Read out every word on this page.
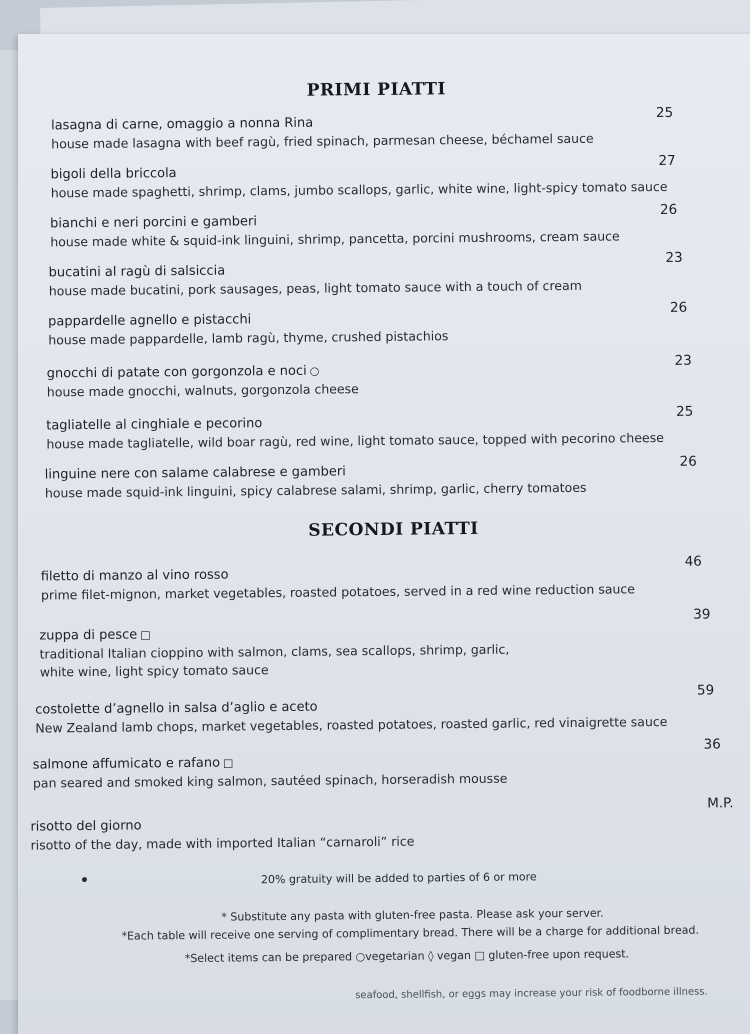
PRIMI PIATTI
lasagna di carne, omaggio a nonna Rina
house made lasagna with beef ragù, fried spinach, parmesan cheese, béchamel sauce
25
bigoli della briccola
house made spaghetti, shrimp, clams, jumbo scallops, garlic, white wine, light-spicy tomato sauce
27
bianchi e neri porcini e gamberi
house made white & squid-ink linguini, shrimp, pancetta, porcini mushrooms, cream sauce
26
bucatini al ragù di salsiccia
house made bucatini, pork sausages, peas, light tomato sauce with a touch of cream
23
pappardelle agnello e pistacchi
house made pappardelle, lamb ragù, thyme, crushed pistachios
26
gnocchi di patate con gorgonzola e noci ○
house made gnocchi, walnuts, gorgonzola cheese
23
tagliatelle al cinghiale e pecorino
house made tagliatelle, wild boar ragù, red wine, light tomato sauce, topped with pecorino cheese
25
linguine nere con salame calabrese e gamberi
house made squid-ink linguini, spicy calabrese salami, shrimp, garlic, cherry tomatoes
26
SECONDI PIATTI
filetto di manzo al vino rosso
prime filet-mignon, market vegetables, roasted potatoes, served in a red wine reduction sauce
46
zuppa di pesce □
traditional Italian cioppino with salmon, clams, sea scallops, shrimp, garlic,
white wine, light spicy tomato sauce
39
costolette d’agnello in salsa d’aglio e aceto
New Zealand lamb chops, market vegetables, roasted potatoes, roasted garlic, red vinaigrette sauce
59
salmone affumicato e rafano □
pan seared and smoked king salmon, sautéed spinach, horseradish mousse
36
risotto del giorno
risotto of the day, made with imported Italian “carnaroli” rice
M.P.
20% gratuity will be added to parties of 6 or more
* Substitute any pasta with gluten-free pasta. Please ask your server.
*Each table will receive one serving of complimentary bread. There will be a charge for additional bread.
*Select items can be prepared ○vegetarian ◊ vegan □ gluten-free upon request.
seafood, shellfish, or eggs may increase your risk of foodborne illness.
